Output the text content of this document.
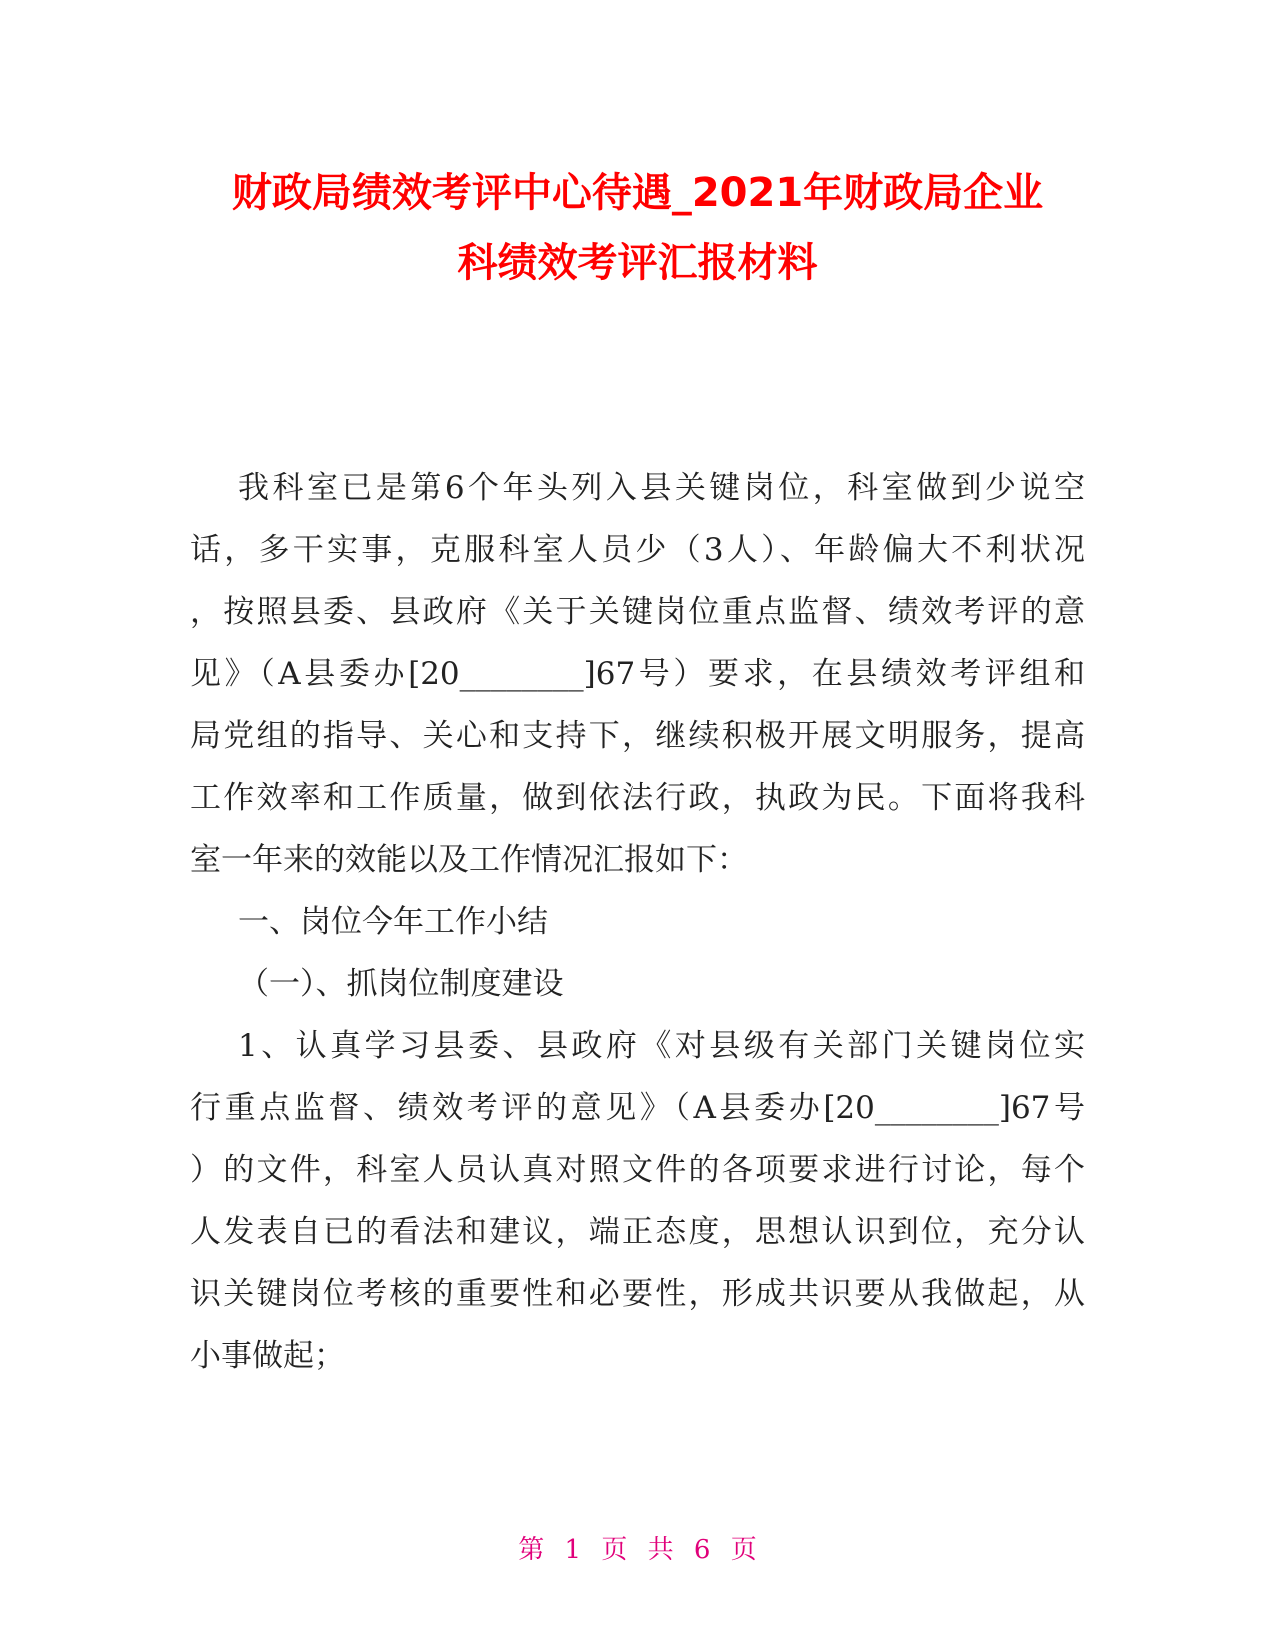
财政局绩效考评中心待遇_2021年财政局企业
科绩效考评汇报材料
我科室已是第6个年头列入县关键岗位，科室做到少说空
话，多干实事，克服科室人员少（3人）、年龄偏大不利状况
，按照县委、县政府《关于关键岗位重点监督、绩效考评的意
见》（A县委办[20________]67号）要求，在县绩效考评组和
局党组的指导、关心和支持下，继续积极开展文明服务，提高
工作效率和工作质量，做到依法行政，执政为民。下面将我科
室一年来的效能以及工作情况汇报如下：
一、岗位今年工作小结
（一）、抓岗位制度建设
1、认真学习县委、县政府《对县级有关部门关键岗位实
行重点监督、绩效考评的意见》（A县委办[20________]67号
）的文件，科室人员认真对照文件的各项要求进行讨论，每个
人发表自已的看法和建议，端正态度，思想认识到位，充分认
识关键岗位考核的重要性和必要性，形成共识要从我做起，从
小事做起；
第 1 页 共 6 页
